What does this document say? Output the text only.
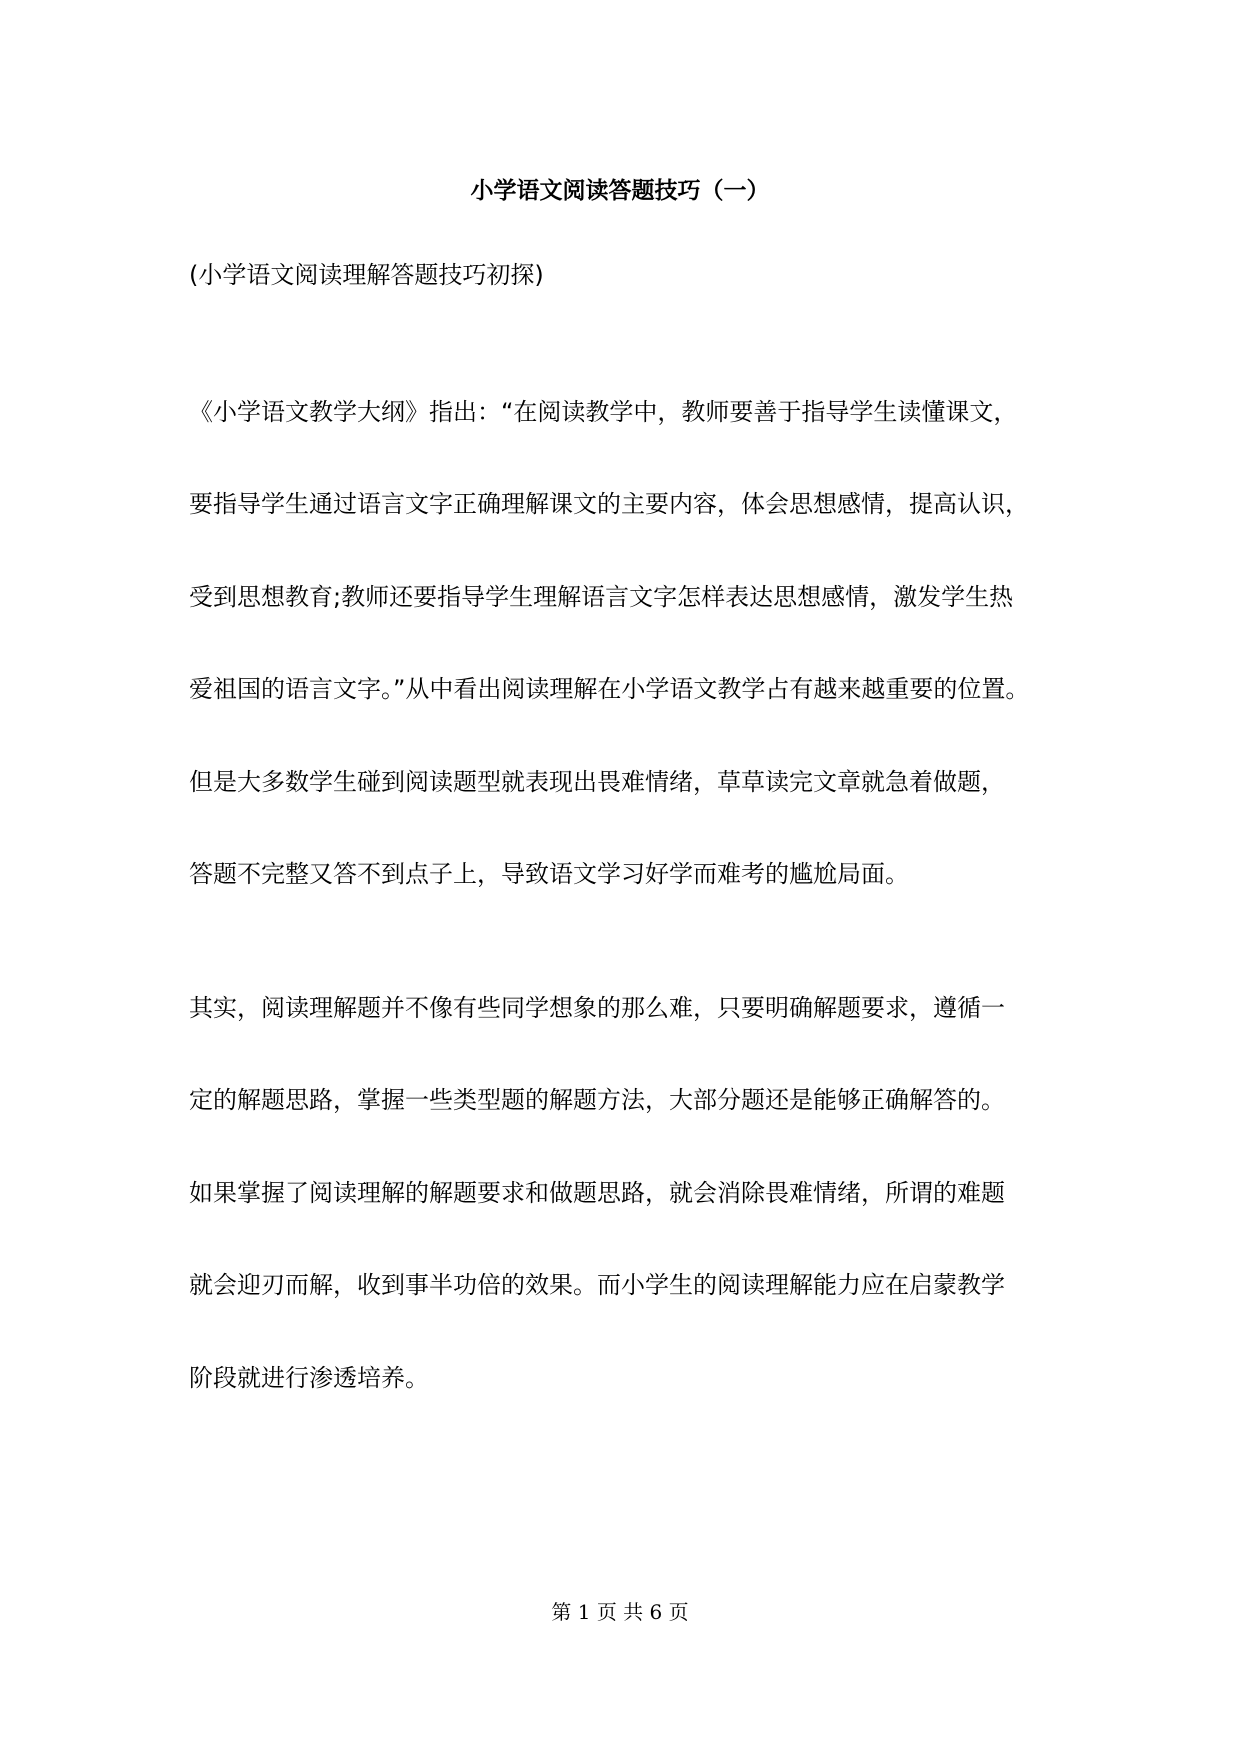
小学语文阅读答题技巧（一）
(小学语文阅读理解答题技巧初探)
《小学语文教学大纲》指出：“在阅读教学中，教师要善于指导学生读懂课文，
要指导学生通过语言文字正确理解课文的主要内容，体会思想感情，提高认识，
受到思想教育;教师还要指导学生理解语言文字怎样表达思想感情，激发学生热
爱祖国的语言文字。”从中看出阅读理解在小学语文教学占有越来越重要的位置。
但是大多数学生碰到阅读题型就表现出畏难情绪，草草读完文章就急着做题，
答题不完整又答不到点子上，导致语文学习好学而难考的尴尬局面。
其实，阅读理解题并不像有些同学想象的那么难，只要明确解题要求，遵循一
定的解题思路，掌握一些类型题的解题方法，大部分题还是能够正确解答的。
如果掌握了阅读理解的解题要求和做题思路，就会消除畏难情绪，所谓的难题
就会迎刃而解，收到事半功倍的效果。而小学生的阅读理解能力应在启蒙教学
阶段就进行渗透培养。
第 1 页 共 6 页
